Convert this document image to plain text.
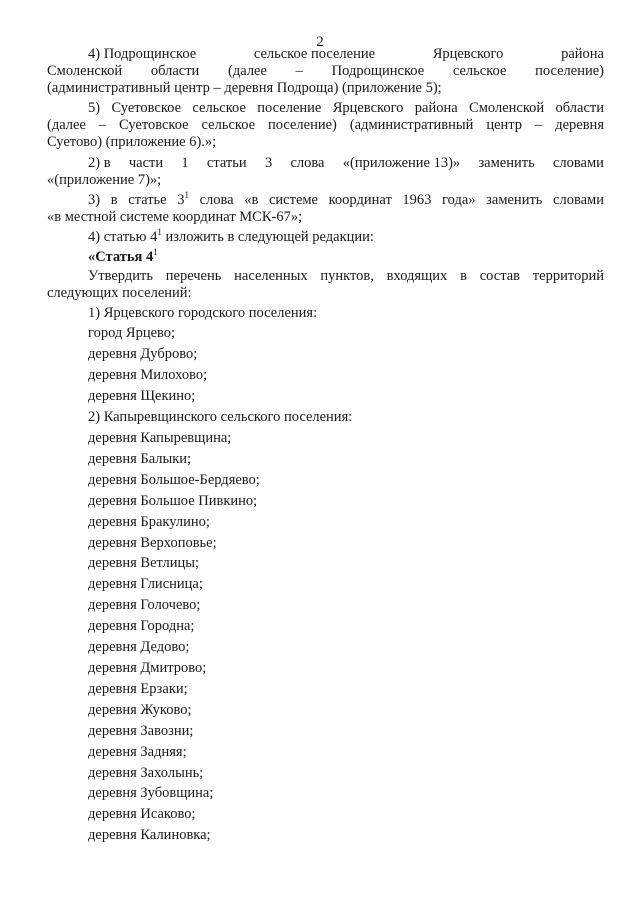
2
4) Подрощинское	сельское поселение	Ярцевского	района
Смоленской области (далее – Подрощинское сельское поселение)
(административный центр – деревня Подроща) (приложение 5);
5) Суетовское сельское поселение Ярцевского района Смоленской области
(далее – Суетовское сельское поселение) (административный центр – деревня
Суетово) (приложение 6).»;
2) в части 1 статьи 3 слова «(приложение 13)» заменить словами
«(приложение 7)»;
3) в статье $3^1$ слова «в системе координат 1963 года» заменить словами
«в местной системе координат МСК-67»;
4) статью $4^1$ изложить в следующей редакции:
«Статья $4^1$
Утвердить перечень населенных пунктов, входящих в состав территорий
следующих поселений:
1) Ярцевского городского поселения:
город Ярцево;
деревня Дуброво;
деревня Милохово;
деревня Щекино;
2) Капыревщинского сельского поселения:
деревня Капыревщина;
деревня Балыки;
деревня Большое-Бердяево;
деревня Большое Пивкино;
деревня Бракулино;
деревня Верхоповье;
деревня Ветлицы;
деревня Глисница;
деревня Голочево;
деревня Городна;
деревня Дедово;
деревня Дмитрово;
деревня Ерзаки;
деревня Жуково;
деревня Завозни;
деревня Задняя;
деревня Захолынь;
деревня Зубовщина;
деревня Исаково;
деревня Калиновка;
